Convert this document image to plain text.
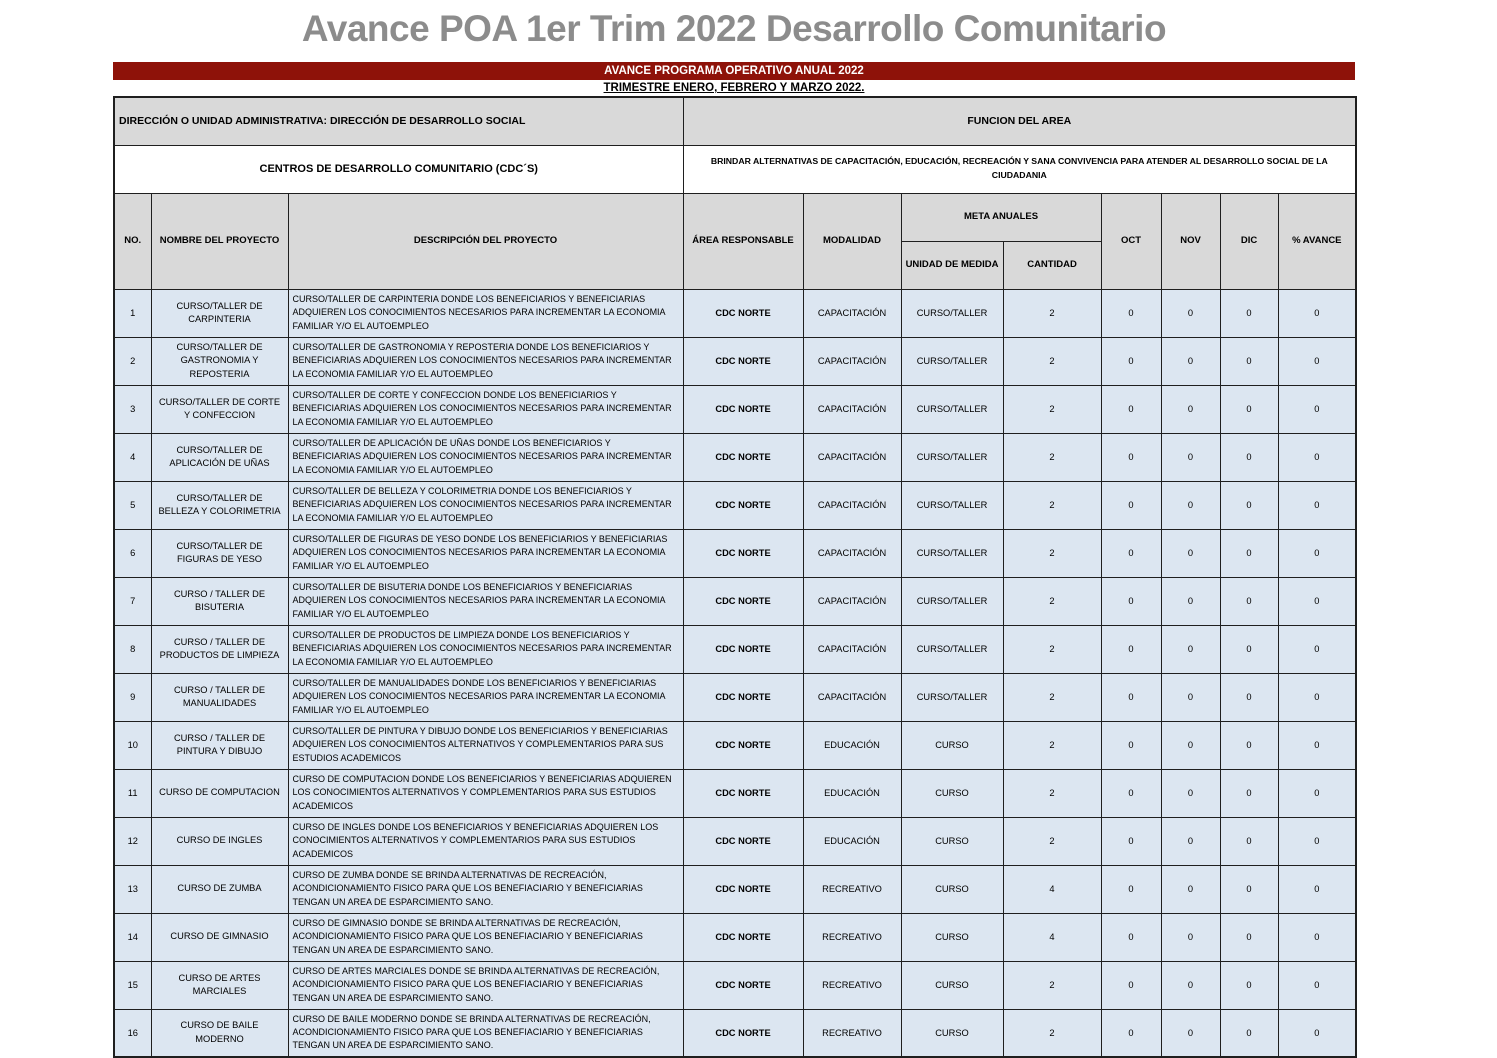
Avance POA 1er Trim 2022 Desarrollo Comunitario
AVANCE PROGRAMA OPERATIVO ANUAL 2022
TRIMESTRE ENERO, FEBRERO Y MARZO 2022.
DIRECCIÓN O UNIDAD ADMINISTRATIVA: DIRECCIÓN DE DESARROLLO SOCIAL			FUNCION DEL AREA							
CENTROS DE DESARROLLO COMUNITARIO (CDC´S)			BRINDAR ALTERNATIVAS DE CAPACITACIÓN, EDUCACIÓN, RECREACIÓN Y SANA CONVIVENCIA PARA ATENDER AL DESARROLLO SOCIAL DE LA CIUDADANIA							
NO.	NOMBRE DEL PROYECTO	DESCRIPCIÓN DEL PROYECTO	ÁREA RESPONSABLE	MODALIDAD	META ANUALES		OCT	NOV	DIC	% AVANCE
					UNIDAD DE MEDIDA	CANTIDAD				
1	CURSO/TALLER DE CARPINTERIA	CURSO/TALLER DE CARPINTERIA DONDE LOS BENEFICIARIOS Y BENEFICIARIAS ADQUIEREN LOS CONOCIMIENTOS NECESARIOS PARA INCREMENTAR LA ECONOMIA FAMILIAR Y/O EL AUTOEMPLEO	CDC NORTE	CAPACITACIÓN	CURSO/TALLER	2	0	0	0	0
2	CURSO/TALLER DE GASTRONOMIA Y REPOSTERIA	CURSO/TALLER DE GASTRONOMIA Y REPOSTERIA DONDE LOS BENEFICIARIOS Y BENEFICIARIAS ADQUIEREN LOS CONOCIMIENTOS NECESARIOS PARA INCREMENTAR LA ECONOMIA FAMILIAR Y/O EL AUTOEMPLEO	CDC NORTE	CAPACITACIÓN	CURSO/TALLER	2	0	0	0	0
3	CURSO/TALLER DE CORTE Y CONFECCION	CURSO/TALLER DE CORTE Y CONFECCION DONDE LOS BENEFICIARIOS Y BENEFICIARIAS ADQUIEREN LOS CONOCIMIENTOS NECESARIOS PARA INCREMENTAR LA ECONOMIA FAMILIAR Y/O EL AUTOEMPLEO	CDC NORTE	CAPACITACIÓN	CURSO/TALLER	2	0	0	0	0
4	CURSO/TALLER DE APLICACIÓN DE UÑAS	CURSO/TALLER DE APLICACIÓN DE UÑAS DONDE LOS BENEFICIARIOS Y BENEFICIARIAS ADQUIEREN LOS CONOCIMIENTOS NECESARIOS PARA INCREMENTAR LA ECONOMIA FAMILIAR Y/O EL AUTOEMPLEO	CDC NORTE	CAPACITACIÓN	CURSO/TALLER	2	0	0	0	0
5	CURSO/TALLER DE BELLEZA Y COLORIMETRIA	CURSO/TALLER DE BELLEZA Y COLORIMETRIA DONDE LOS BENEFICIARIOS Y BENEFICIARIAS ADQUIEREN LOS CONOCIMIENTOS NECESARIOS PARA INCREMENTAR LA ECONOMIA FAMILIAR Y/O EL AUTOEMPLEO	CDC NORTE	CAPACITACIÓN	CURSO/TALLER	2	0	0	0	0
6	CURSO/TALLER DE FIGURAS DE YESO	CURSO/TALLER DE FIGURAS DE YESO DONDE LOS BENEFICIARIOS Y BENEFICIARIAS ADQUIEREN LOS CONOCIMIENTOS NECESARIOS PARA INCREMENTAR LA ECONOMIA FAMILIAR Y/O EL AUTOEMPLEO	CDC NORTE	CAPACITACIÓN	CURSO/TALLER	2	0	0	0	0
7	CURSO / TALLER DE BISUTERIA	CURSO/TALLER DE BISUTERIA DONDE LOS BENEFICIARIOS Y BENEFICIARIAS ADQUIEREN LOS CONOCIMIENTOS NECESARIOS PARA INCREMENTAR LA ECONOMIA FAMILIAR Y/O EL AUTOEMPLEO	CDC NORTE	CAPACITACIÓN	CURSO/TALLER	2	0	0	0	0
8	CURSO / TALLER DE PRODUCTOS DE LIMPIEZA	CURSO/TALLER DE PRODUCTOS DE LIMPIEZA DONDE LOS BENEFICIARIOS Y BENEFICIARIAS ADQUIEREN LOS CONOCIMIENTOS NECESARIOS PARA INCREMENTAR LA ECONOMIA FAMILIAR Y/O EL AUTOEMPLEO	CDC NORTE	CAPACITACIÓN	CURSO/TALLER	2	0	0	0	0
9	CURSO / TALLER DE MANUALIDADES	CURSO/TALLER DE MANUALIDADES DONDE LOS BENEFICIARIOS Y BENEFICIARIAS ADQUIEREN LOS CONOCIMIENTOS NECESARIOS PARA INCREMENTAR LA ECONOMIA FAMILIAR Y/O EL AUTOEMPLEO	CDC NORTE	CAPACITACIÓN	CURSO/TALLER	2	0	0	0	0
10	CURSO / TALLER DE PINTURA Y DIBUJO	CURSO/TALLER DE PINTURA Y DIBUJO DONDE LOS BENEFICIARIOS Y BENEFICIARIAS ADQUIEREN LOS CONOCIMIENTOS ALTERNATIVOS Y COMPLEMENTARIOS PARA SUS ESTUDIOS ACADEMICOS	CDC NORTE	EDUCACIÓN	CURSO	2	0	0	0	0
11	CURSO DE COMPUTACION	CURSO DE COMPUTACION DONDE LOS BENEFICIARIOS Y BENEFICIARIAS ADQUIEREN LOS CONOCIMIENTOS ALTERNATIVOS Y COMPLEMENTARIOS PARA SUS ESTUDIOS ACADEMICOS	CDC NORTE	EDUCACIÓN	CURSO	2	0	0	0	0
12	CURSO DE INGLES	CURSO DE INGLES DONDE LOS BENEFICIARIOS Y BENEFICIARIAS ADQUIEREN LOS CONOCIMIENTOS ALTERNATIVOS Y COMPLEMENTARIOS PARA SUS ESTUDIOS ACADEMICOS	CDC NORTE	EDUCACIÓN	CURSO	2	0	0	0	0
13	CURSO DE ZUMBA	CURSO DE ZUMBA DONDE SE BRINDA ALTERNATIVAS DE RECREACIÓN, ACONDICIONAMIENTO FISICO PARA QUE LOS BENEFIACIARIO Y BENEFICIARIAS TENGAN UN AREA DE ESPARCIMIENTO SANO.	CDC NORTE	RECREATIVO	CURSO	4	0	0	0	0
14	CURSO DE GIMNASIO	CURSO DE GIMNASIO DONDE SE BRINDA ALTERNATIVAS DE RECREACIÓN, ACONDICIONAMIENTO FISICO PARA QUE LOS BENEFIACIARIO Y BENEFICIARIAS TENGAN UN AREA DE ESPARCIMIENTO SANO.	CDC NORTE	RECREATIVO	CURSO	4	0	0	0	0
15	CURSO DE ARTES MARCIALES	CURSO DE ARTES MARCIALES DONDE SE BRINDA ALTERNATIVAS DE RECREACIÓN, ACONDICIONAMIENTO FISICO PARA QUE LOS BENEFIACIARIO Y BENEFICIARIAS TENGAN UN AREA DE ESPARCIMIENTO SANO.	CDC NORTE	RECREATIVO	CURSO	2	0	0	0	0
16	CURSO DE BAILE MODERNO	CURSO DE BAILE MODERNO DONDE SE BRINDA ALTERNATIVAS DE RECREACIÓN, ACONDICIONAMIENTO FISICO PARA QUE LOS BENEFIACIARIO Y BENEFICIARIAS TENGAN UN AREA DE ESPARCIMIENTO SANO.	CDC NORTE	RECREATIVO	CURSO	2	0	0	0	0
